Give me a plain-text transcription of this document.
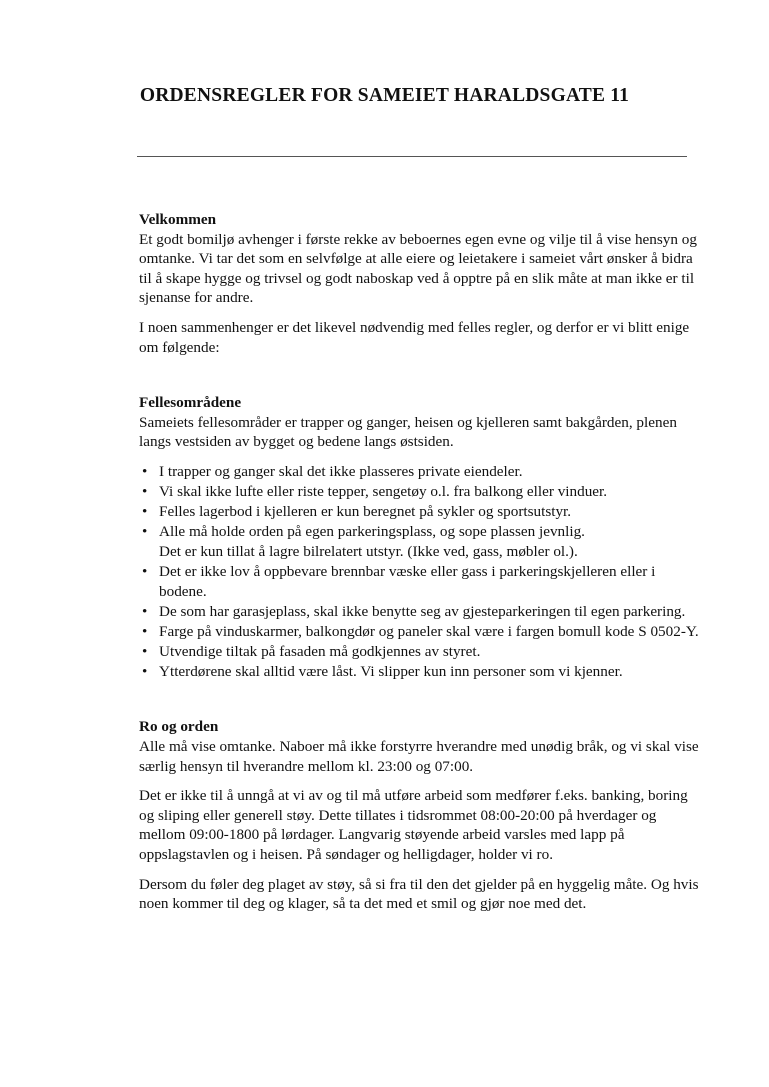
ORDENSREGLER FOR SAMEIET HARALDSGATE 11

Velkommen

Et godt bomiljø avhenger i første rekke av beboernes egen evne og vilje til å vise hensyn og omtanke. Vi tar det som en selvfølge at alle eiere og leietakere i sameiet vårt ønsker å bidra til å skape hygge og trivsel og godt naboskap ved å opptre på en slik måte at man ikke er til sjenanse for andre.

I noen sammenhenger er det likevel nødvendig med felles regler, og derfor er vi blitt enige om følgende:

Fellesområdene

Sameiets fellesområder er trapper og ganger, heisen og kjelleren samt bakgården, plenen langs vestsiden av bygget og bedene langs østsiden.

• I trapper og ganger skal det ikke plasseres private eiendeler.
• Vi skal ikke lufte eller riste tepper, sengetøy o.l. fra balkong eller vinduer.
• Felles lagerbod i kjelleren er kun beregnet på sykler og sportsutstyr.
• Alle må holde orden på egen parkeringsplass, og sope plassen jevnlig.
Det er kun tillat å lagre bilrelatert utstyr. (Ikke ved, gass, møbler ol.).
• Det er ikke lov å oppbevare brennbar væske eller gass i parkeringskjelleren eller i bodene.
• De som har garasjeplass, skal ikke benytte seg av gjesteparkeringen til egen parkering.
• Farge på vinduskarmer, balkongdør og paneler skal være i fargen bomull kode S 0502-Y.
• Utvendige tiltak på fasaden må godkjennes av styret.
• Ytterdørene skal alltid være låst. Vi slipper kun inn personer som vi kjenner.

Ro og orden

Alle må vise omtanke. Naboer må ikke forstyrre hverandre med unødig bråk, og vi skal vise særlig hensyn til hverandre mellom kl. 23:00 og 07:00.

Det er ikke til å unngå at vi av og til må utføre arbeid som medfører f.eks. banking, boring og sliping eller generell støy. Dette tillates i tidsrommet 08:00-20:00 på hverdager og mellom 09:00-1800 på lørdager. Langvarig støyende arbeid varsles med lapp på oppslagstavlen og i heisen. På søndager og helligdager, holder vi ro.

Dersom du føler deg plaget av støy, så si fra til den det gjelder på en hyggelig måte. Og hvis noen kommer til deg og klager, så ta det med et smil og gjør noe med det.
